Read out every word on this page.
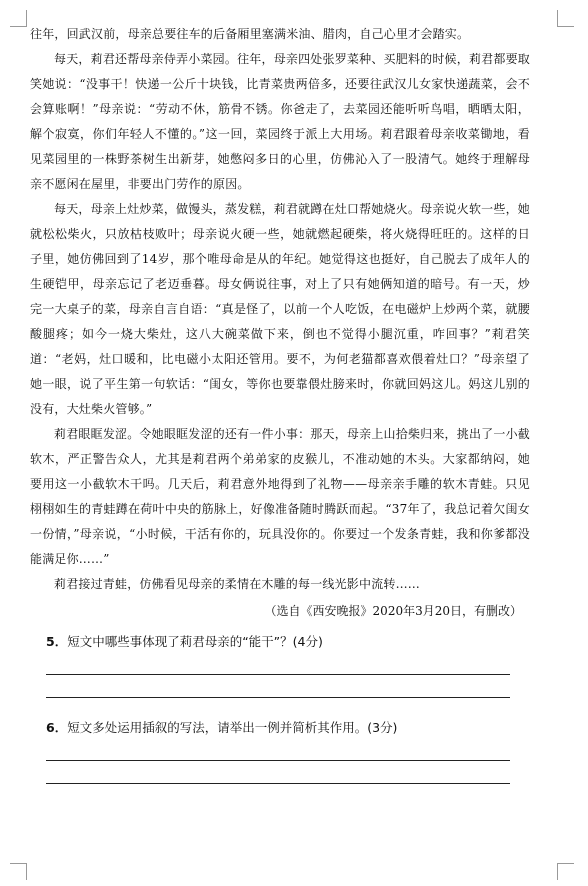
往年，回武汉前，母亲总要往车的后备厢里塞满米油、腊肉，自己心里才会踏实。

每天，莉君还帮母亲侍弄小菜园。往年，母亲四处张罗菜种、买肥料的时候，莉君都要取笑她说：“没事干！快递一公斤十块钱，比青菜贵两倍多，还要往武汉儿女家快递蔬菜，会不会算账啊！”母亲说：“劳动不休，筋骨不锈。你爸走了，去菜园还能听听鸟唱，晒晒太阳，解个寂寞，你们年轻人不懂的。”这一回，菜园终于派上大用场。莉君跟着母亲收菜锄地，看见菜园里的一株野茶树生出新芽，她憋闷多日的心里，仿佛沁入了一股清气。她终于理解母亲不愿闲在屋里，非要出门劳作的原因。

每天，母亲上灶炒菜，做馒头，蒸发糕，莉君就蹲在灶口帮她烧火。母亲说火软一些，她就松松柴火，只放枯枝败叶；母亲说火硬一些，她就燃起硬柴，将火烧得旺旺的。这样的日子里，她仿佛回到了14岁，那个唯母命是从的年纪。她觉得这也挺好，自己脱去了成年人的生硬铠甲，母亲忘记了老迈垂暮。母女俩说往事，对上了只有她俩知道的暗号。有一天，炒完一大桌子的菜，母亲自言自语：“真是怪了，以前一个人吃饭，在电磁炉上炒两个菜，就腰酸腿疼；如今一烧大柴灶，这八大碗菜做下来，倒也不觉得小腿沉重，咋回事？”莉君笑道：“老妈，灶口暖和，比电磁小太阳还管用。要不，为何老猫都喜欢偎着灶口？”母亲望了她一眼，说了平生第一句软话：“闺女，等你也要靠偎灶膀来时，你就回妈这儿。妈这儿别的没有，大灶柴火管够。”

莉君眼眶发涩。令她眼眶发涩的还有一件小事：那天，母亲上山拾柴归来，挑出了一小截软木，严正警告众人，尤其是莉君两个弟弟家的皮猴儿，不准动她的木头。大家都纳闷，她要用这一小截软木干吗。几天后，莉君意外地得到了礼物——母亲亲手雕的软木青蛙。只见栩栩如生的青蛙蹲在荷叶中央的筋脉上，好像准备随时腾跃而起。“37年了，我总记着欠闺女一份情，”母亲说，“小时候，干活有你的，玩具没你的。你要过一个发条青蛙，我和你爹都没能满足你……”

莉君接过青蛙，仿佛看见母亲的柔情在木雕的每一线光影中流转……

（选自《西安晚报》2020年3月20日，有删改）

5．短文中哪些事体现了莉君母亲的“能干”？(4分)
6．短文多处运用插叙的写法，请举出一例并简析其作用。(3分)
